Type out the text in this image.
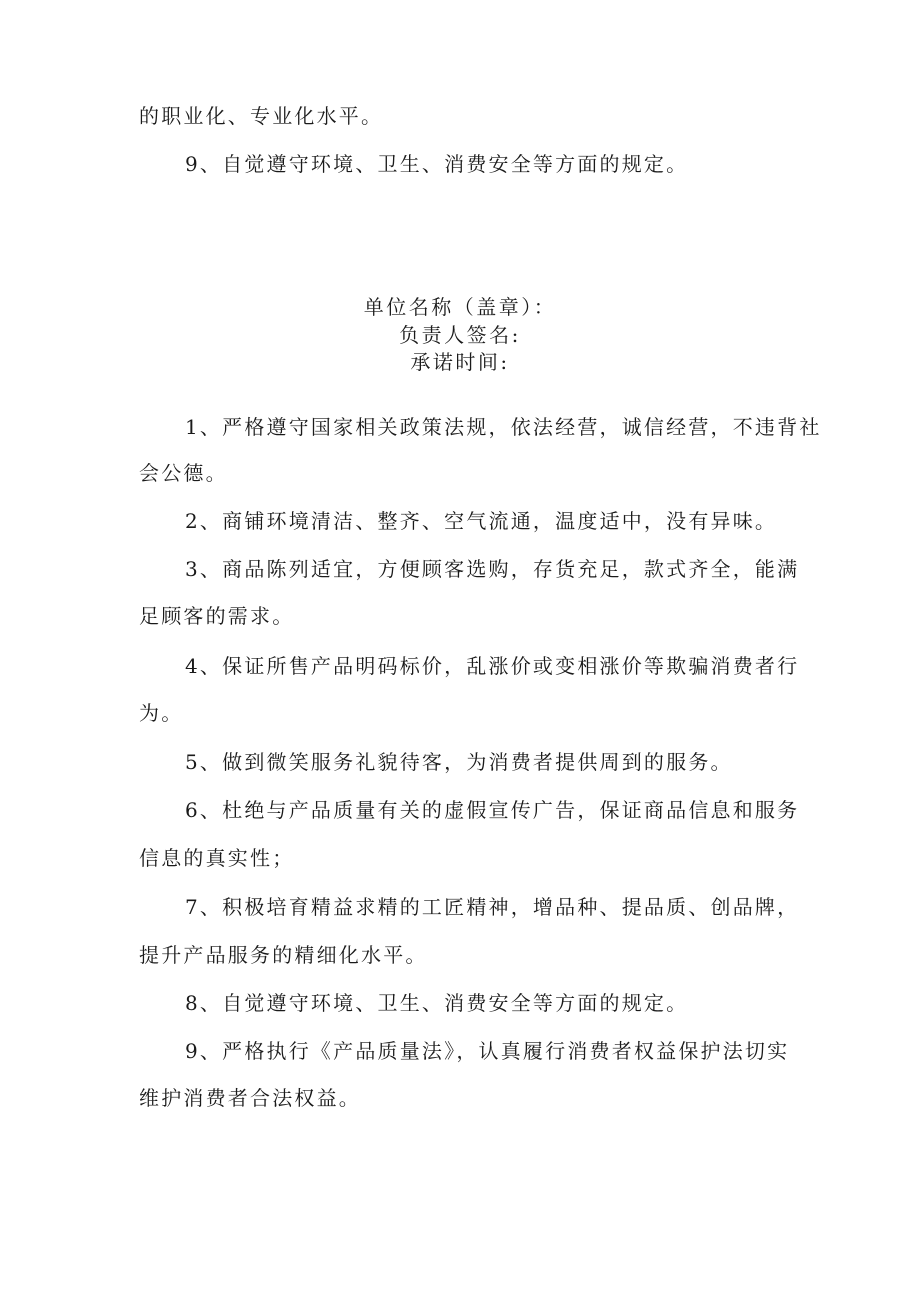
的职业化、专业化水平。
9、自觉遵守环境、卫生、消费安全等方面的规定。
单位名称（盖章）：
负责人签名:
承诺时间:
1、严格遵守国家相关政策法规，依法经营，诚信经营，不违背社
会公德。
2、商铺环境清洁、整齐、空气流通，温度适中，没有异味。
3、商品陈列适宜，方便顾客选购，存货充足，款式齐全，能满
足顾客的需求。
4、保证所售产品明码标价，乱涨价或变相涨价等欺骗消费者行
为。
5、做到微笑服务礼貌待客，为消费者提供周到的服务。
6、杜绝与产品质量有关的虚假宣传广告，保证商品信息和服务
信息的真实性；
7、积极培育精益求精的工匠精神，增品种、提品质、创品牌，
提升产品服务的精细化水平。
8、自觉遵守环境、卫生、消费安全等方面的规定。
9、严格执行《产品质量法》，认真履行消费者权益保护法切实
维护消费者合法权益。
